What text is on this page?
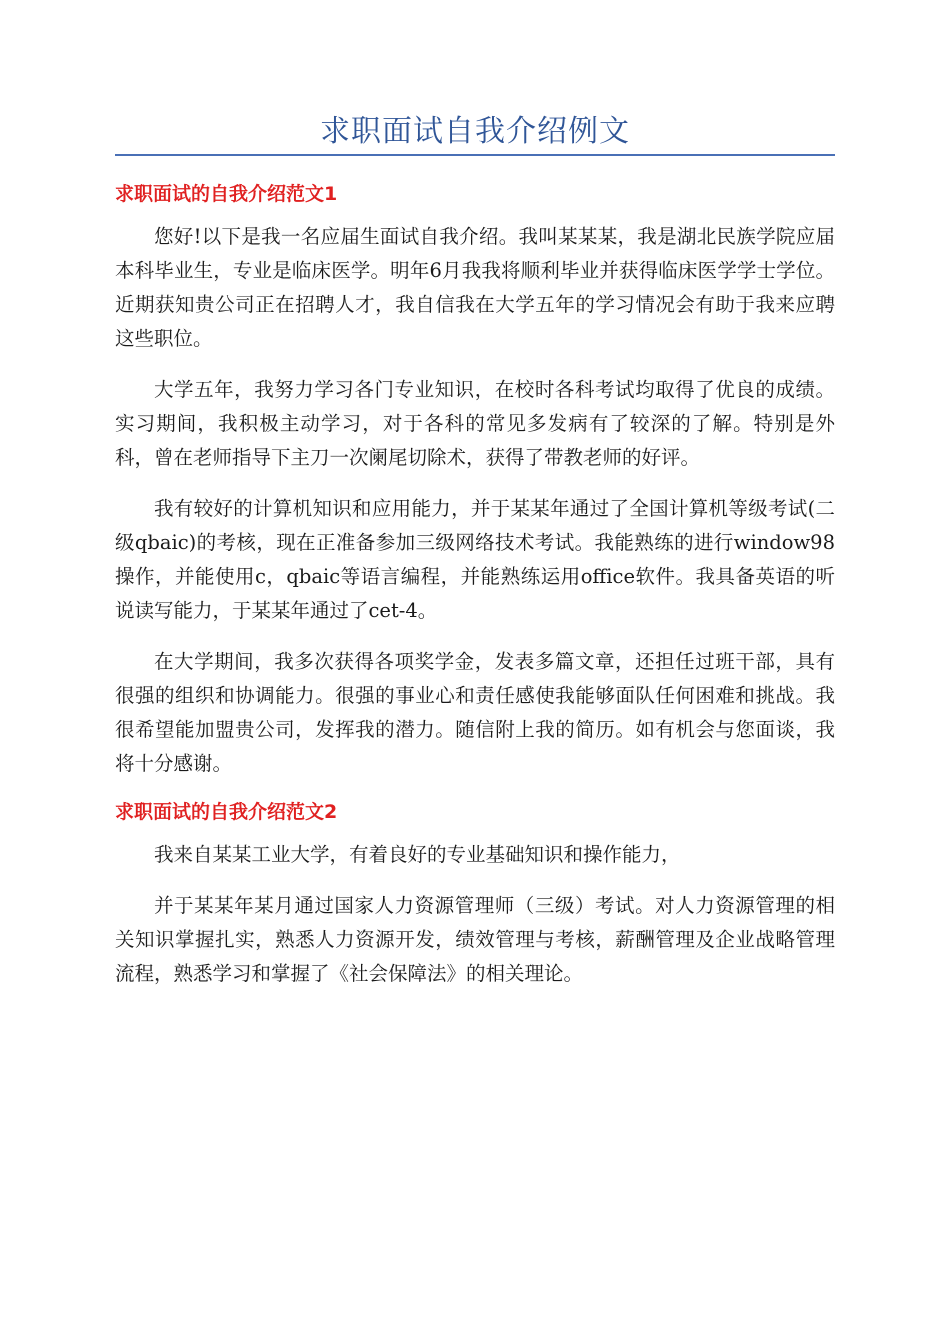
求职面试自我介绍例文
求职面试的自我介绍范文1

您好!以下是我一名应届生面试自我介绍。我叫某某某，我是湖北民族学院应届本科毕业生，专业是临床医学。明年6月我我将顺利毕业并获得临床医学学士学位。近期获知贵公司正在招聘人才，我自信我在大学五年的学习情况会有助于我来应聘这些职位。

大学五年，我努力学习各门专业知识，在校时各科考试均取得了优良的成绩。实习期间，我积极主动学习，对于各科的常见多发病有了较深的了解。特别是外科，曾在老师指导下主刀一次阑尾切除术，获得了带教老师的好评。

我有较好的计算机知识和应用能力，并于某某年通过了全国计算机等级考试(二级qbaic)的考核，现在正准备参加三级网络技术考试。我能熟练的进行window98操作，并能使用c，qbaic等语言编程，并能熟练运用office软件。我具备英语的听说读写能力，于某某年通过了cet-4。

在大学期间，我多次获得各项奖学金，发表多篇文章，还担任过班干部，具有很强的组织和协调能力。很强的事业心和责任感使我能够面队任何困难和挑战。我很希望能加盟贵公司，发挥我的潜力。随信附上我的简历。如有机会与您面谈，我将十分感谢。

求职面试的自我介绍范文2

我来自某某工业大学，有着良好的专业基础知识和操作能力，

并于某某年某月通过国家人力资源管理师（三级）考试。对人力资源管理的相关知识掌握扎实，熟悉人力资源开发，绩效管理与考核，薪酬管理及企业战略管理流程，熟悉学习和掌握了《社会保障法》的相关理论。
